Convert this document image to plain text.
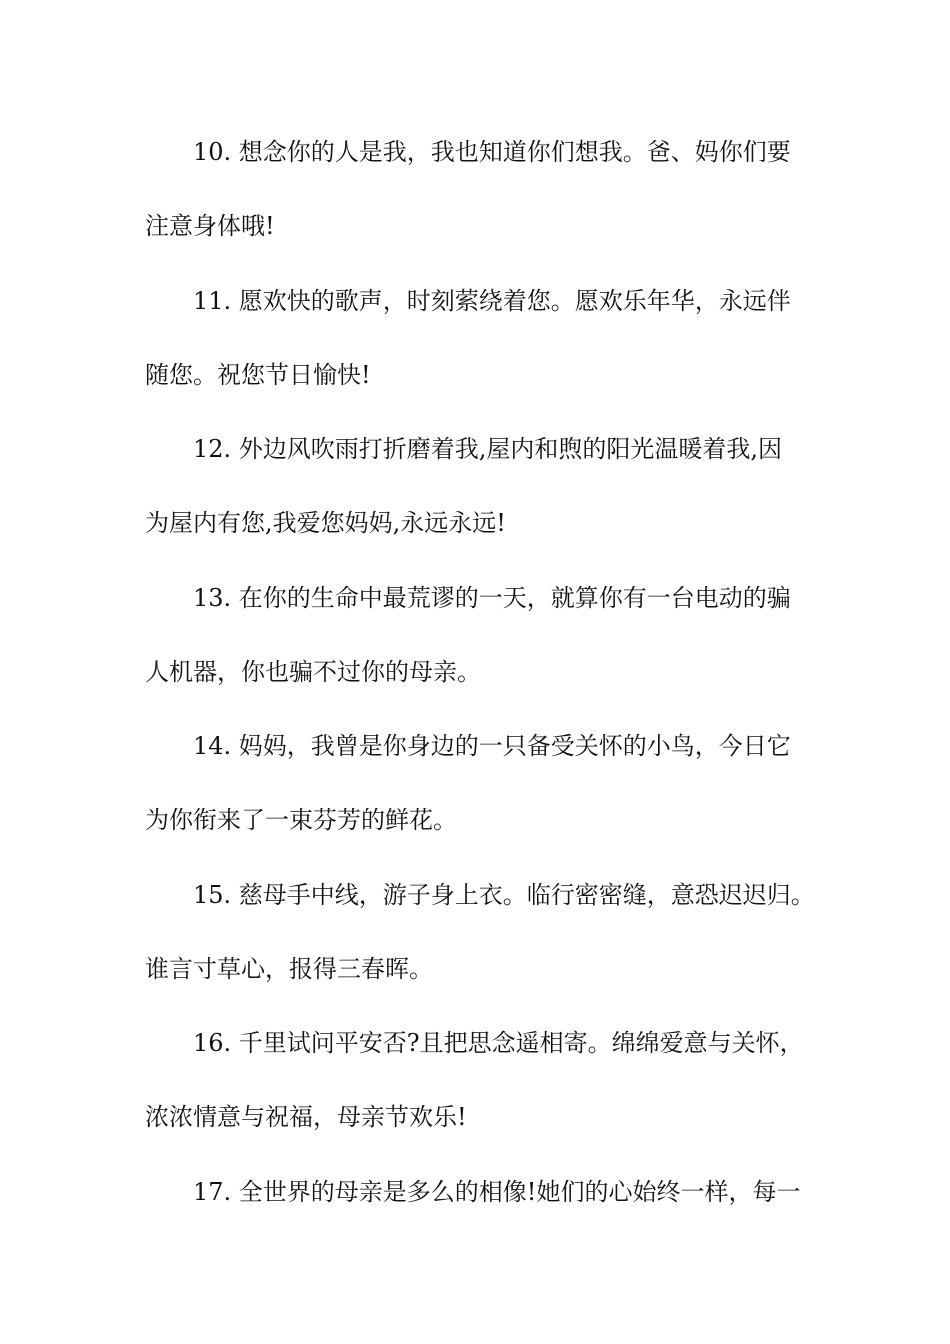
10. 想念你的人是我，我也知道你们想我。爸、妈你们要
注意身体哦!
11. 愿欢快的歌声，时刻萦绕着您。愿欢乐年华，永远伴
随您。祝您节日愉快!
12. 外边风吹雨打折磨着我,屋内和煦的阳光温暖着我,因
为屋内有您,我爱您妈妈,永远永远!
13. 在你的生命中最荒谬的一天，就算你有一台电动的骗
人机器，你也骗不过你的母亲。
14. 妈妈，我曾是你身边的一只备受关怀的小鸟，今日它
为你衔来了一束芬芳的鲜花。
15. 慈母手中线，游子身上衣。临行密密缝，意恐迟迟归。
谁言寸草心，报得三春晖。
16. 千里试问平安否?且把思念遥相寄。绵绵爱意与关怀，
浓浓情意与祝福，母亲节欢乐!
17. 全世界的母亲是多么的相像!她们的心始终一样，每一
